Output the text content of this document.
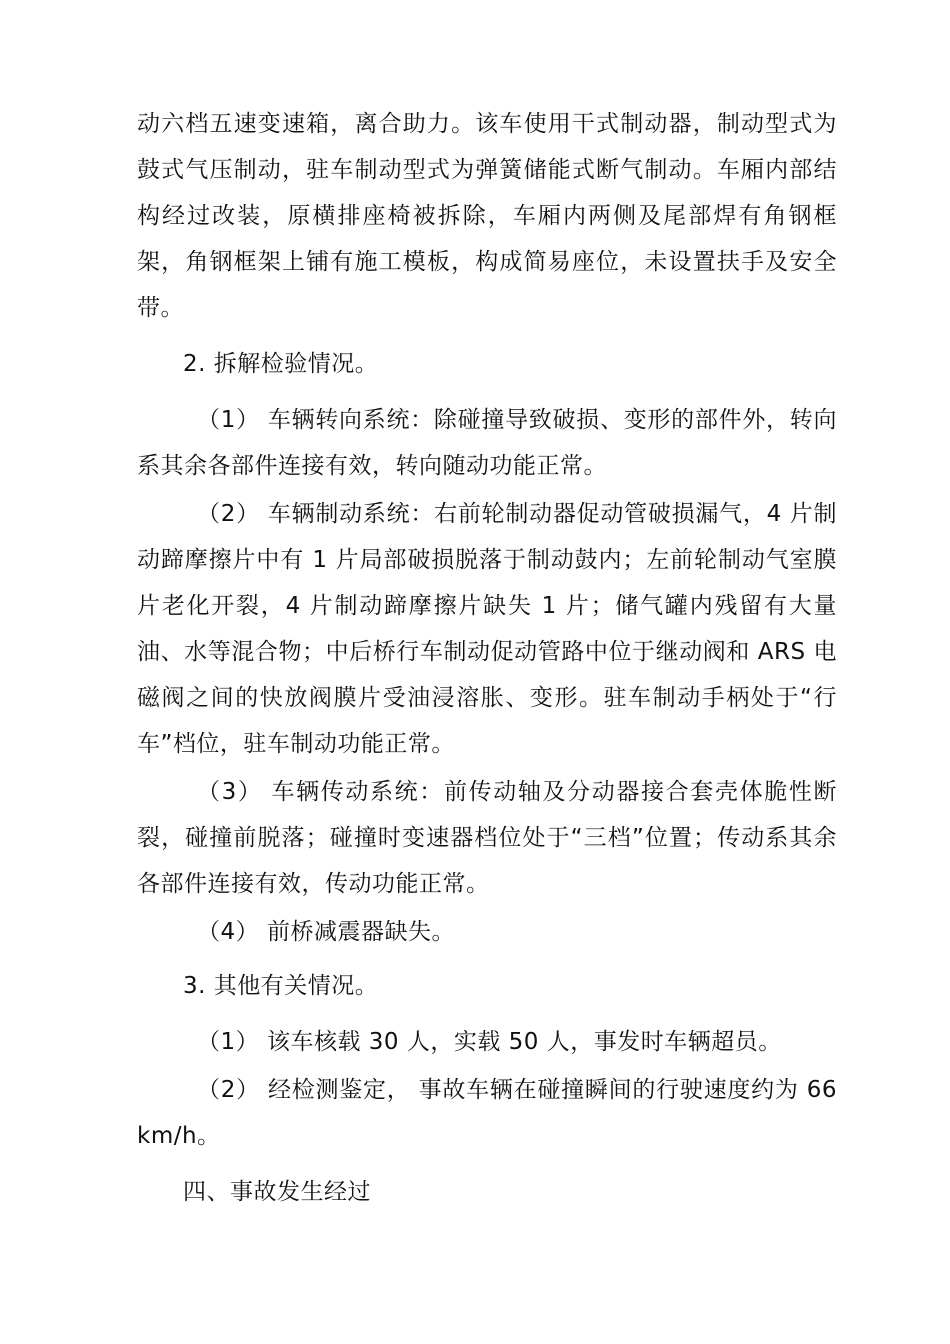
动六档五速变速箱，离合助力。该车使用干式制动器，制动型式为鼓式气压制动，驻车制动型式为弹簧储能式断气制动。车厢内部结构经过改装，原横排座椅被拆除，车厢内两侧及尾部焊有角钢框架，角钢框架上铺有施工模板，构成简易座位，未设置扶手及安全带。

2. 拆解检验情况。

（1） 车辆转向系统：除碰撞导致破损、变形的部件外，转向系其余各部件连接有效，转向随动功能正常。

（2） 车辆制动系统：右前轮制动器促动管破损漏气，4 片制动蹄摩擦片中有 1 片局部破损脱落于制动鼓内；左前轮制动气室膜片老化开裂，4 片制动蹄摩擦片缺失 1 片；储气罐内残留有大量油、水等混合物；中后桥行车制动促动管路中位于继动阀和 ARS 电磁阀之间的快放阀膜片受油浸溶胀、变形。驻车制动手柄处于“行车”档位，驻车制动功能正常。

（3） 车辆传动系统：前传动轴及分动器接合套壳体脆性断裂，碰撞前脱落；碰撞时变速器档位处于“三档”位置；传动系其余各部件连接有效，传动功能正常。

（4） 前桥减震器缺失。

3. 其他有关情况。

（1） 该车核载 30 人，实载 50 人，事发时车辆超员。

（2） 经检测鉴定， 事故车辆在碰撞瞬间的行驶速度约为 66km/h。

四、事故发生经过
